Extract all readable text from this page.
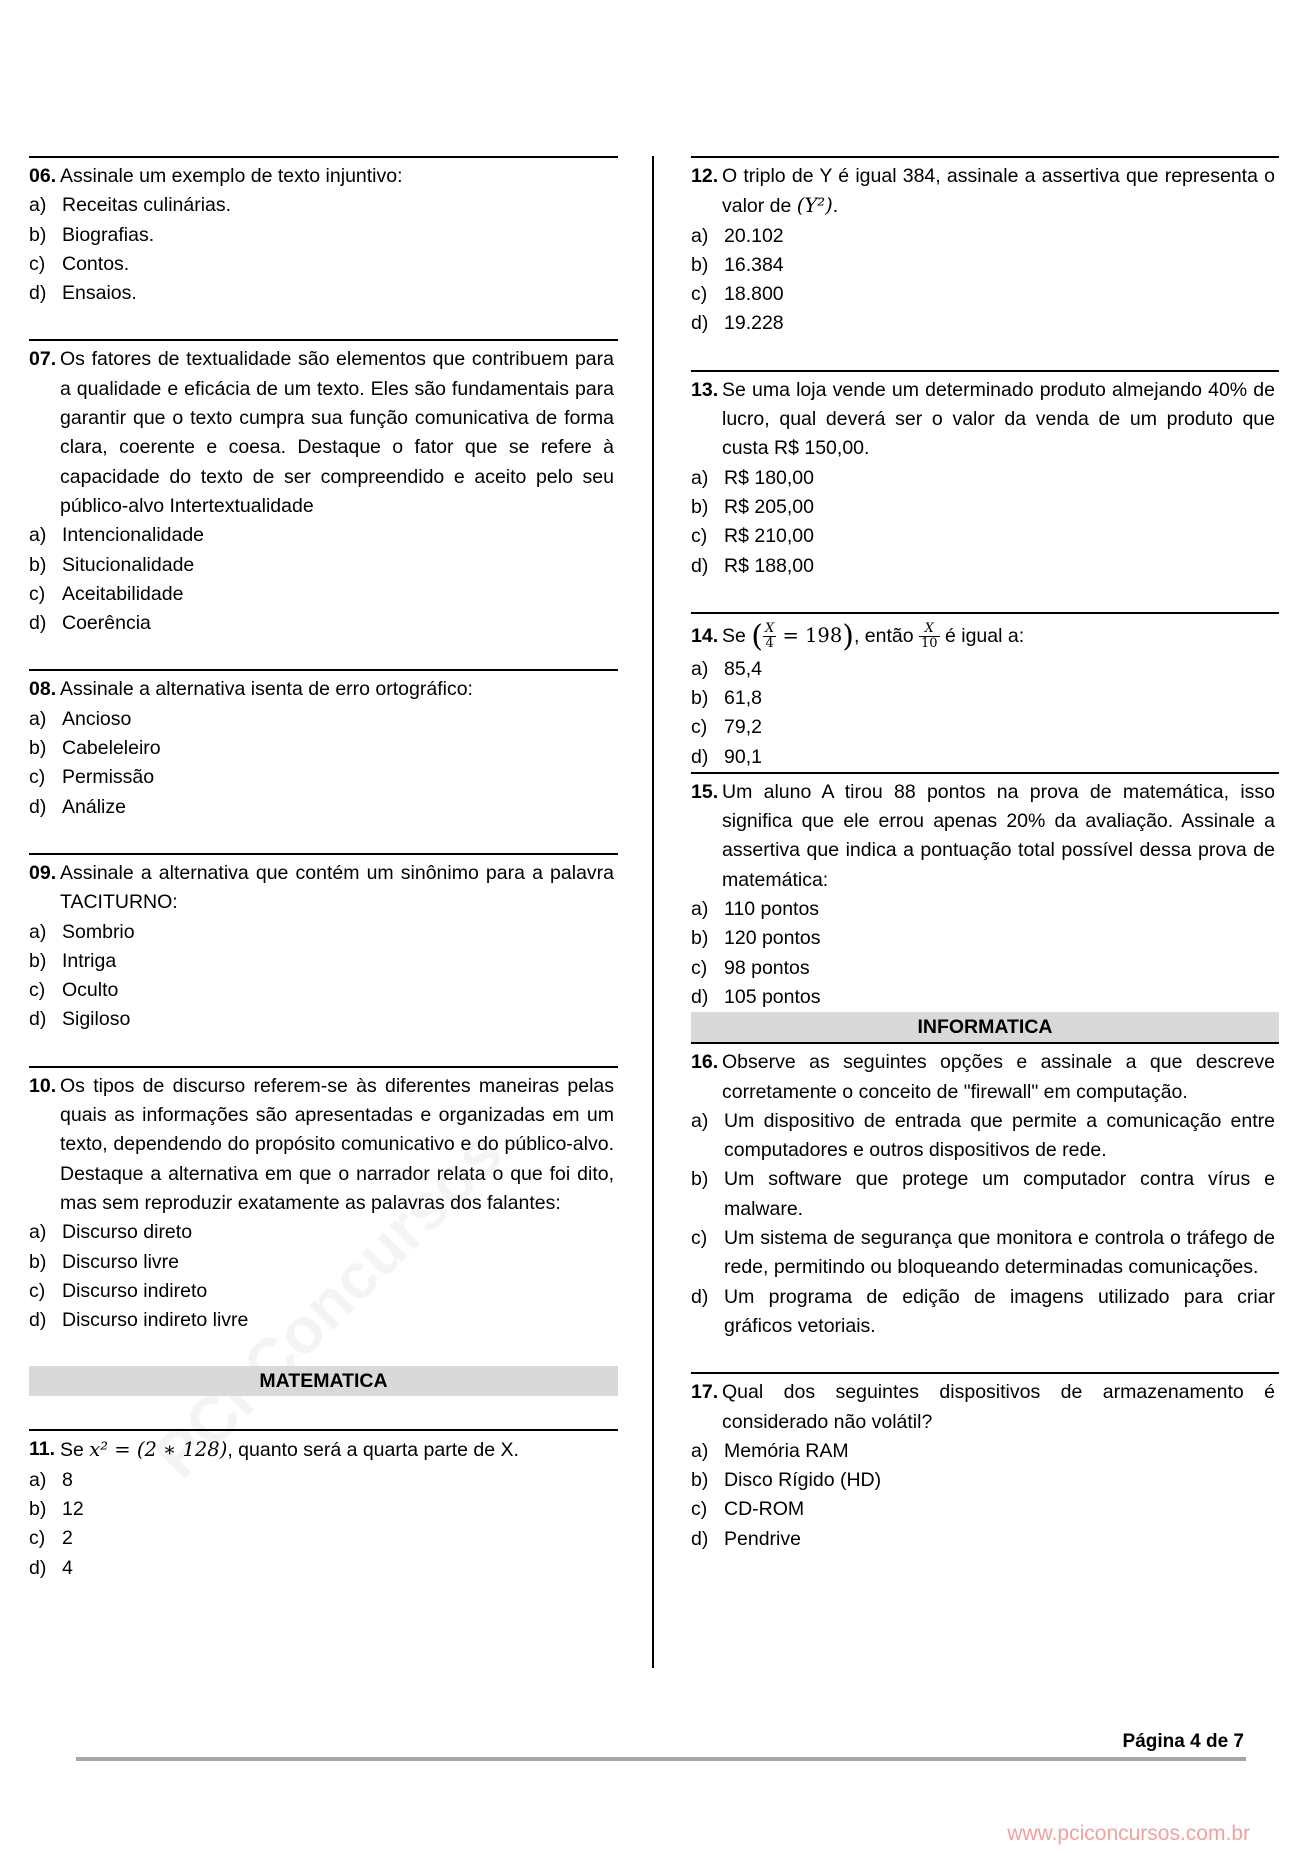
06. Assinale um exemplo de texto injuntivo:
a) Receitas culinárias.
b) Biografias.
c) Contos.
d) Ensaios.
07. Os fatores de textualidade são elementos que contribuem para a qualidade e eficácia de um texto. Eles são fundamentais para garantir que o texto cumpra sua função comunicativa de forma clara, coerente e coesa. Destaque o fator que se refere à capacidade do texto de ser compreendido e aceito pelo seu público-alvo Intertextualidade
a) Intencionalidade
b) Situcionalidade
c) Aceitabilidade
d) Coerência
08. Assinale a alternativa isenta de erro ortográfico:
a) Ancioso
b) Cabeleleiro
c) Permissão
d) Análize
09. Assinale a alternativa que contém um sinônimo para a palavra TACITURNO:
a) Sombrio
b) Intriga
c) Oculto
d) Sigiloso
10. Os tipos de discurso referem-se às diferentes maneiras pelas quais as informações são apresentadas e organizadas em um texto, dependendo do propósito comunicativo e do público-alvo. Destaque a alternativa em que o narrador relata o que foi dito, mas sem reproduzir exatamente as palavras dos falantes:
a) Discurso direto
b) Discurso livre
c) Discurso indireto
d) Discurso indireto livre
MATEMATICA
11. Se x² = (2 ∗ 128), quanto será a quarta parte de X.
a) 8
b) 12
c) 2
d) 4
12. O triplo de Y é igual 384, assinale a assertiva que representa o valor de (Y²).
a) 20.102
b) 16.384
c) 18.800
d) 19.228
13. Se uma loja vende um determinado produto almejando 40% de lucro, qual deverá ser o valor da venda de um produto que custa R$ 150,00.
a) R$ 180,00
b) R$ 205,00
c) R$ 210,00
d) R$ 188,00
14. Se ( $\frac{X}{4} = 198$), então $\frac{X}{10}$ é igual a:
a) 85,4
b) 61,8
c) 79,2
d) 90,1
15. Um aluno A tirou 88 pontos na prova de matemática, isso significa que ele errou apenas 20% da avaliação. Assinale a assertiva que indica a pontuação total possível dessa prova de matemática:
a) 110 pontos
b) 120 pontos
c) 98 pontos
d) 105 pontos
INFORMATICA
16. Observe as seguintes opções e assinale a que descreve corretamente o conceito de "firewall" em computação.
a) Um dispositivo de entrada que permite a comunicação entre computadores e outros dispositivos de rede.
b) Um software que protege um computador contra vírus e malware.
c) Um sistema de segurança que monitora e controla o tráfego de rede, permitindo ou bloqueando determinadas comunicações.
d) Um programa de edição de imagens utilizado para criar gráficos vetoriais.
17. Qual dos seguintes dispositivos de armazenamento é considerado não volátil?
a) Memória RAM
b) Disco Rígido (HD)
c) CD-ROM
d) Pendrive
Página 4 de 7
www.pciconcursos.com.br
